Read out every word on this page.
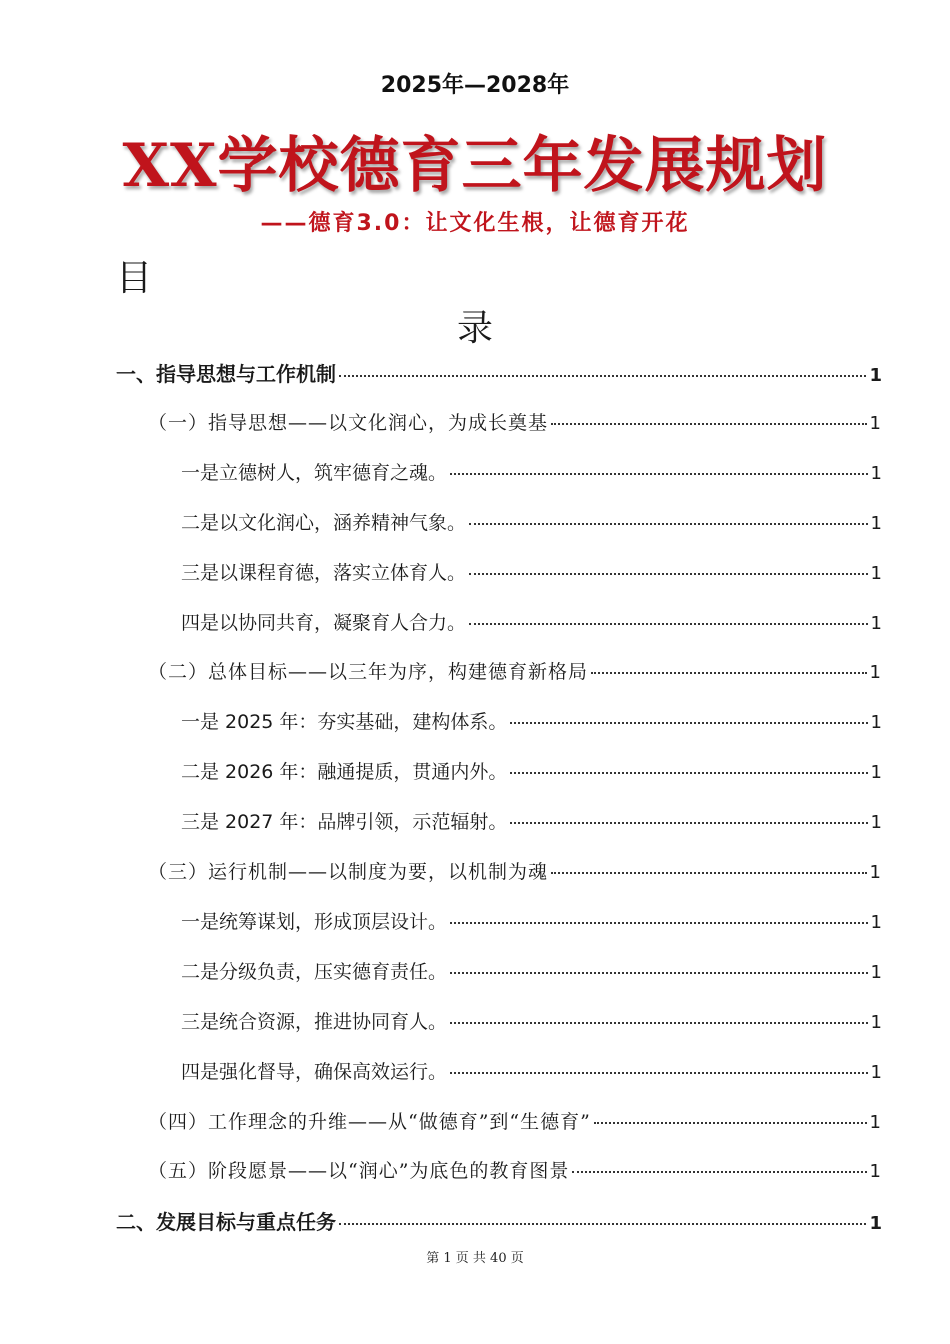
2025年—2028年
XX学校德育三年发展规划
——德育3.0：让文化生根，让德育开花
目
录
一、指导思想与工作机制	1
（一）指导思想——以文化润心，为成长奠基	1
一是立德树人，筑牢德育之魂。	1
二是以文化润心，涵养精神气象。	1
三是以课程育德，落实立体育人。	1
四是以协同共育，凝聚育人合力。	1
（二）总体目标——以三年为序，构建德育新格局	1
一是 2025 年：夯实基础，建构体系。	1
二是 2026 年：融通提质，贯通内外。	1
三是 2027 年：品牌引领，示范辐射。	1
（三）运行机制——以制度为要，以机制为魂	1
一是统筹谋划，形成顶层设计。	1
二是分级负责，压实德育责任。	1
三是统合资源，推进协同育人。	1
四是强化督导，确保高效运行。	1
（四）工作理念的升维——从“做德育”到“生德育”	1
（五）阶段愿景——以“润心”为底色的教育图景	1
二、发展目标与重点任务	1
第 1 页 共 40 页
